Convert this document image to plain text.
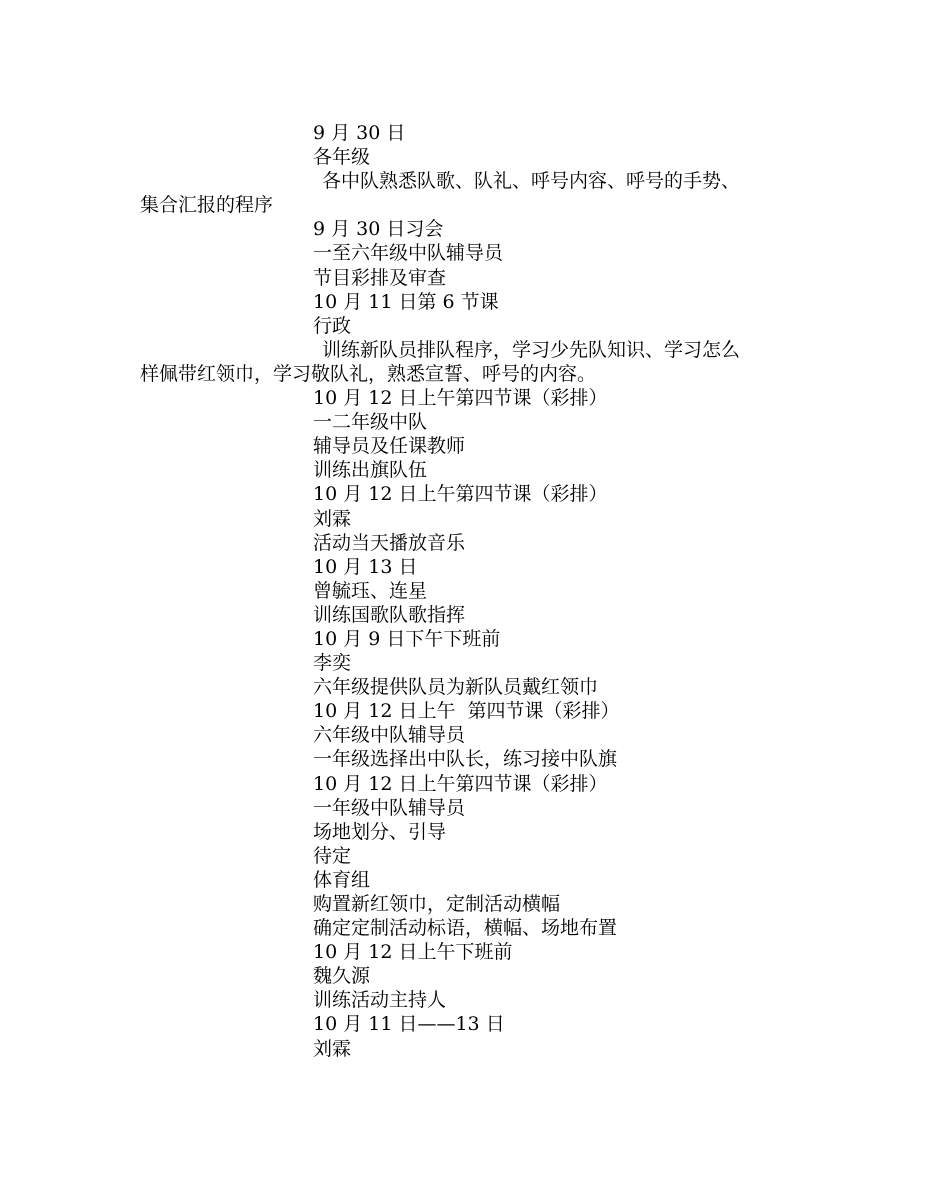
9 月 30 日
各年级
各中队熟悉队歌、队礼、呼号内容、呼号的手势、
集合汇报的程序
9 月 30 日习会
一至六年级中队辅导员
节目彩排及审查
10 月 11 日第 6 节课
行政
训练新队员排队程序，学习少先队知识、学习怎么
样佩带红领巾，学习敬队礼，熟悉宣誓、呼号的内容。
10 月 12 日上午第四节课（彩排）
一二年级中队
辅导员及任课教师
训练出旗队伍
10 月 12 日上午第四节课（彩排）
刘霖
活动当天播放音乐
10 月 13 日
曾毓珏、连星
训练国歌队歌指挥
10 月 9 日下午下班前
李奕
六年级提供队员为新队员戴红领巾
10 月 12 日上午  第四节课（彩排）
六年级中队辅导员
一年级选择出中队长，练习接中队旗
10 月 12 日上午第四节课（彩排）
一年级中队辅导员
场地划分、引导
待定
体育组
购置新红领巾，定制活动横幅
确定定制活动标语，横幅、场地布置
10 月 12 日上午下班前
魏久源
训练活动主持人
10 月 11 日——13 日
刘霖
